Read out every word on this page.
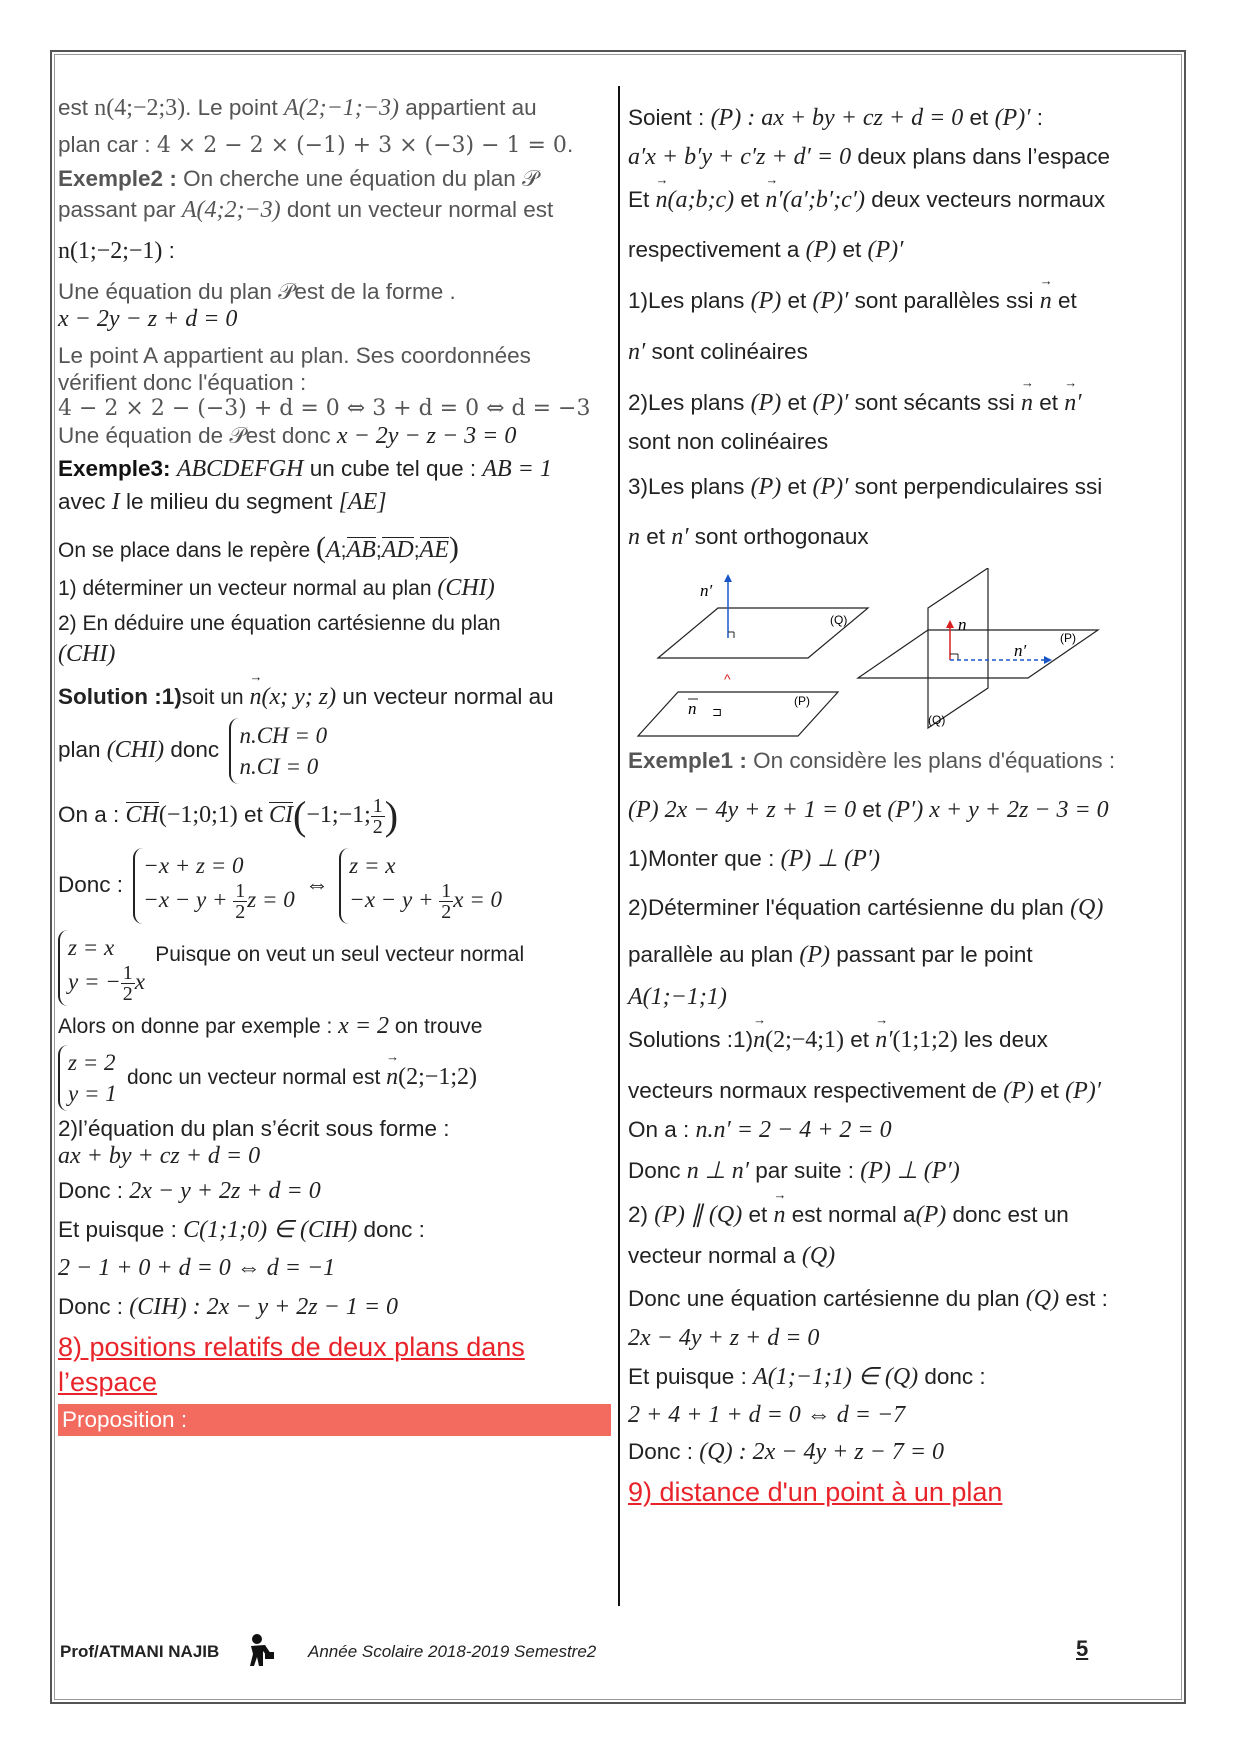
est n(4;−2;3). Le point A(2;−1;−3) appartient au

plan car : 4 × 2 − 2 × (−1) + 3 × (−3) − 1 = 0.

Exemple2 : On cherche une équation du plan 𝒫

passant par A(4;2;−3) dont un vecteur normal est

n(1;−2;−1) :

Une équation du plan 𝒫est de la forme .

x − 2y − z + d = 0

Le point A appartient au plan. Ses coordonnées

vérifient donc l'équation :

4 − 2 × 2 − (−3) + d = 0 ⇔ 3 + d = 0 ⇔ d = −3

Une équation de 𝒫est donc x − 2y − z − 3 = 0

Exemple3: ABCDEFGH un cube tel que : AB = 1

avec I le milieu du segment [AE]

On se place dans le repère (A;AB;AD;AE)

1) déterminer un vecteur normal au plan (CHI)

2) En déduire une équation cartésienne du plan

(CHI)

Solution :1)soit un → n(x; y; z) un vecteur normal au

plan (CHI) donc
n.CH = 0
n.CI = 0
On a : CH(−1;0;1) et CI(−1;−1; $\frac{1}{2}$ )
Donc :
−x + z = 0
$-x - y + \frac{1}{2}$ z = 0
⇔
z = x
$-x - y + \frac{1}{2}$ x = 0
z = x
y = − $\frac{1}{2}$ x
Puisque on veut un seul vecteur normal

Alors on donne par exemple : x = 2 on trouve

z = 2
y = 1
donc un vecteur normal est → n(2;−1;2)

2)l’équation du plan s’écrit sous forme :

ax + by + cz + d = 0

Donc : 2x − y + 2z + d = 0

Et puisque : C(1;1;0) ∈ (CIH) donc :

2 − 1 + 0 + d = 0 ⇔ d = −1

Donc : (CIH) : 2x − y + 2z − 1 = 0

8) positions relatifs de deux plans dans

l’espace

Proposition :

Soient : (P) : ax + by + cz + d = 0 et (P)′ :

a′x + b′y + c′z + d′ = 0 deux plans dans l’espace

Et → n(a;b;c) et → n′(a′;b′;c′) deux vecteurs normaux

respectivement a (P) et (P)′

1)Les plans (P) et (P)′ sont parallèles ssi → n et

n′ sont colinéaires

2)Les plans (P) et (P)′ sont sécants ssi → n et → n′

sont non colinéaires

3)Les plans (P) et (P)′ sont perpendiculaires ssi

n et n′ sont orthogonaux

n′
(Q)
^
n ⊐
(P)
n
n′
(P)
(Q)

Exemple1 : On considère les plans d'équations :

(P) 2x − 4y + z + 1 = 0 et (P′) x + y + 2z − 3 = 0

1)Monter que : (P) ⊥ (P′)

2)Déterminer l'équation cartésienne du plan (Q)

parallèle au plan (P) passant par le point

A(1;−1;1)

Solutions :1)→ n(2;−4;1) et → n′(1;1;2) les deux

vecteurs normaux respectivement de (P) et (P)′

On a : n.n′ = 2 − 4 + 2 = 0

Donc n ⊥ n′ par suite : (P) ⊥ (P′)

2) (P) ∥ (Q) et → n est normal a(P) donc est un

vecteur normal a (Q)

Donc une équation cartésienne du plan (Q) est :

2x − 4y + z + d = 0

Et puisque : A(1;−1;1) ∈ (Q) donc :

2 + 4 + 1 + d = 0 ⇔ d = −7

Donc : (Q) : 2x − 4y + z − 7 = 0

9) distance d'un point à un plan

Prof/ATMANI NAJIB	Année Scolaire 2018-2019 Semestre2	5
